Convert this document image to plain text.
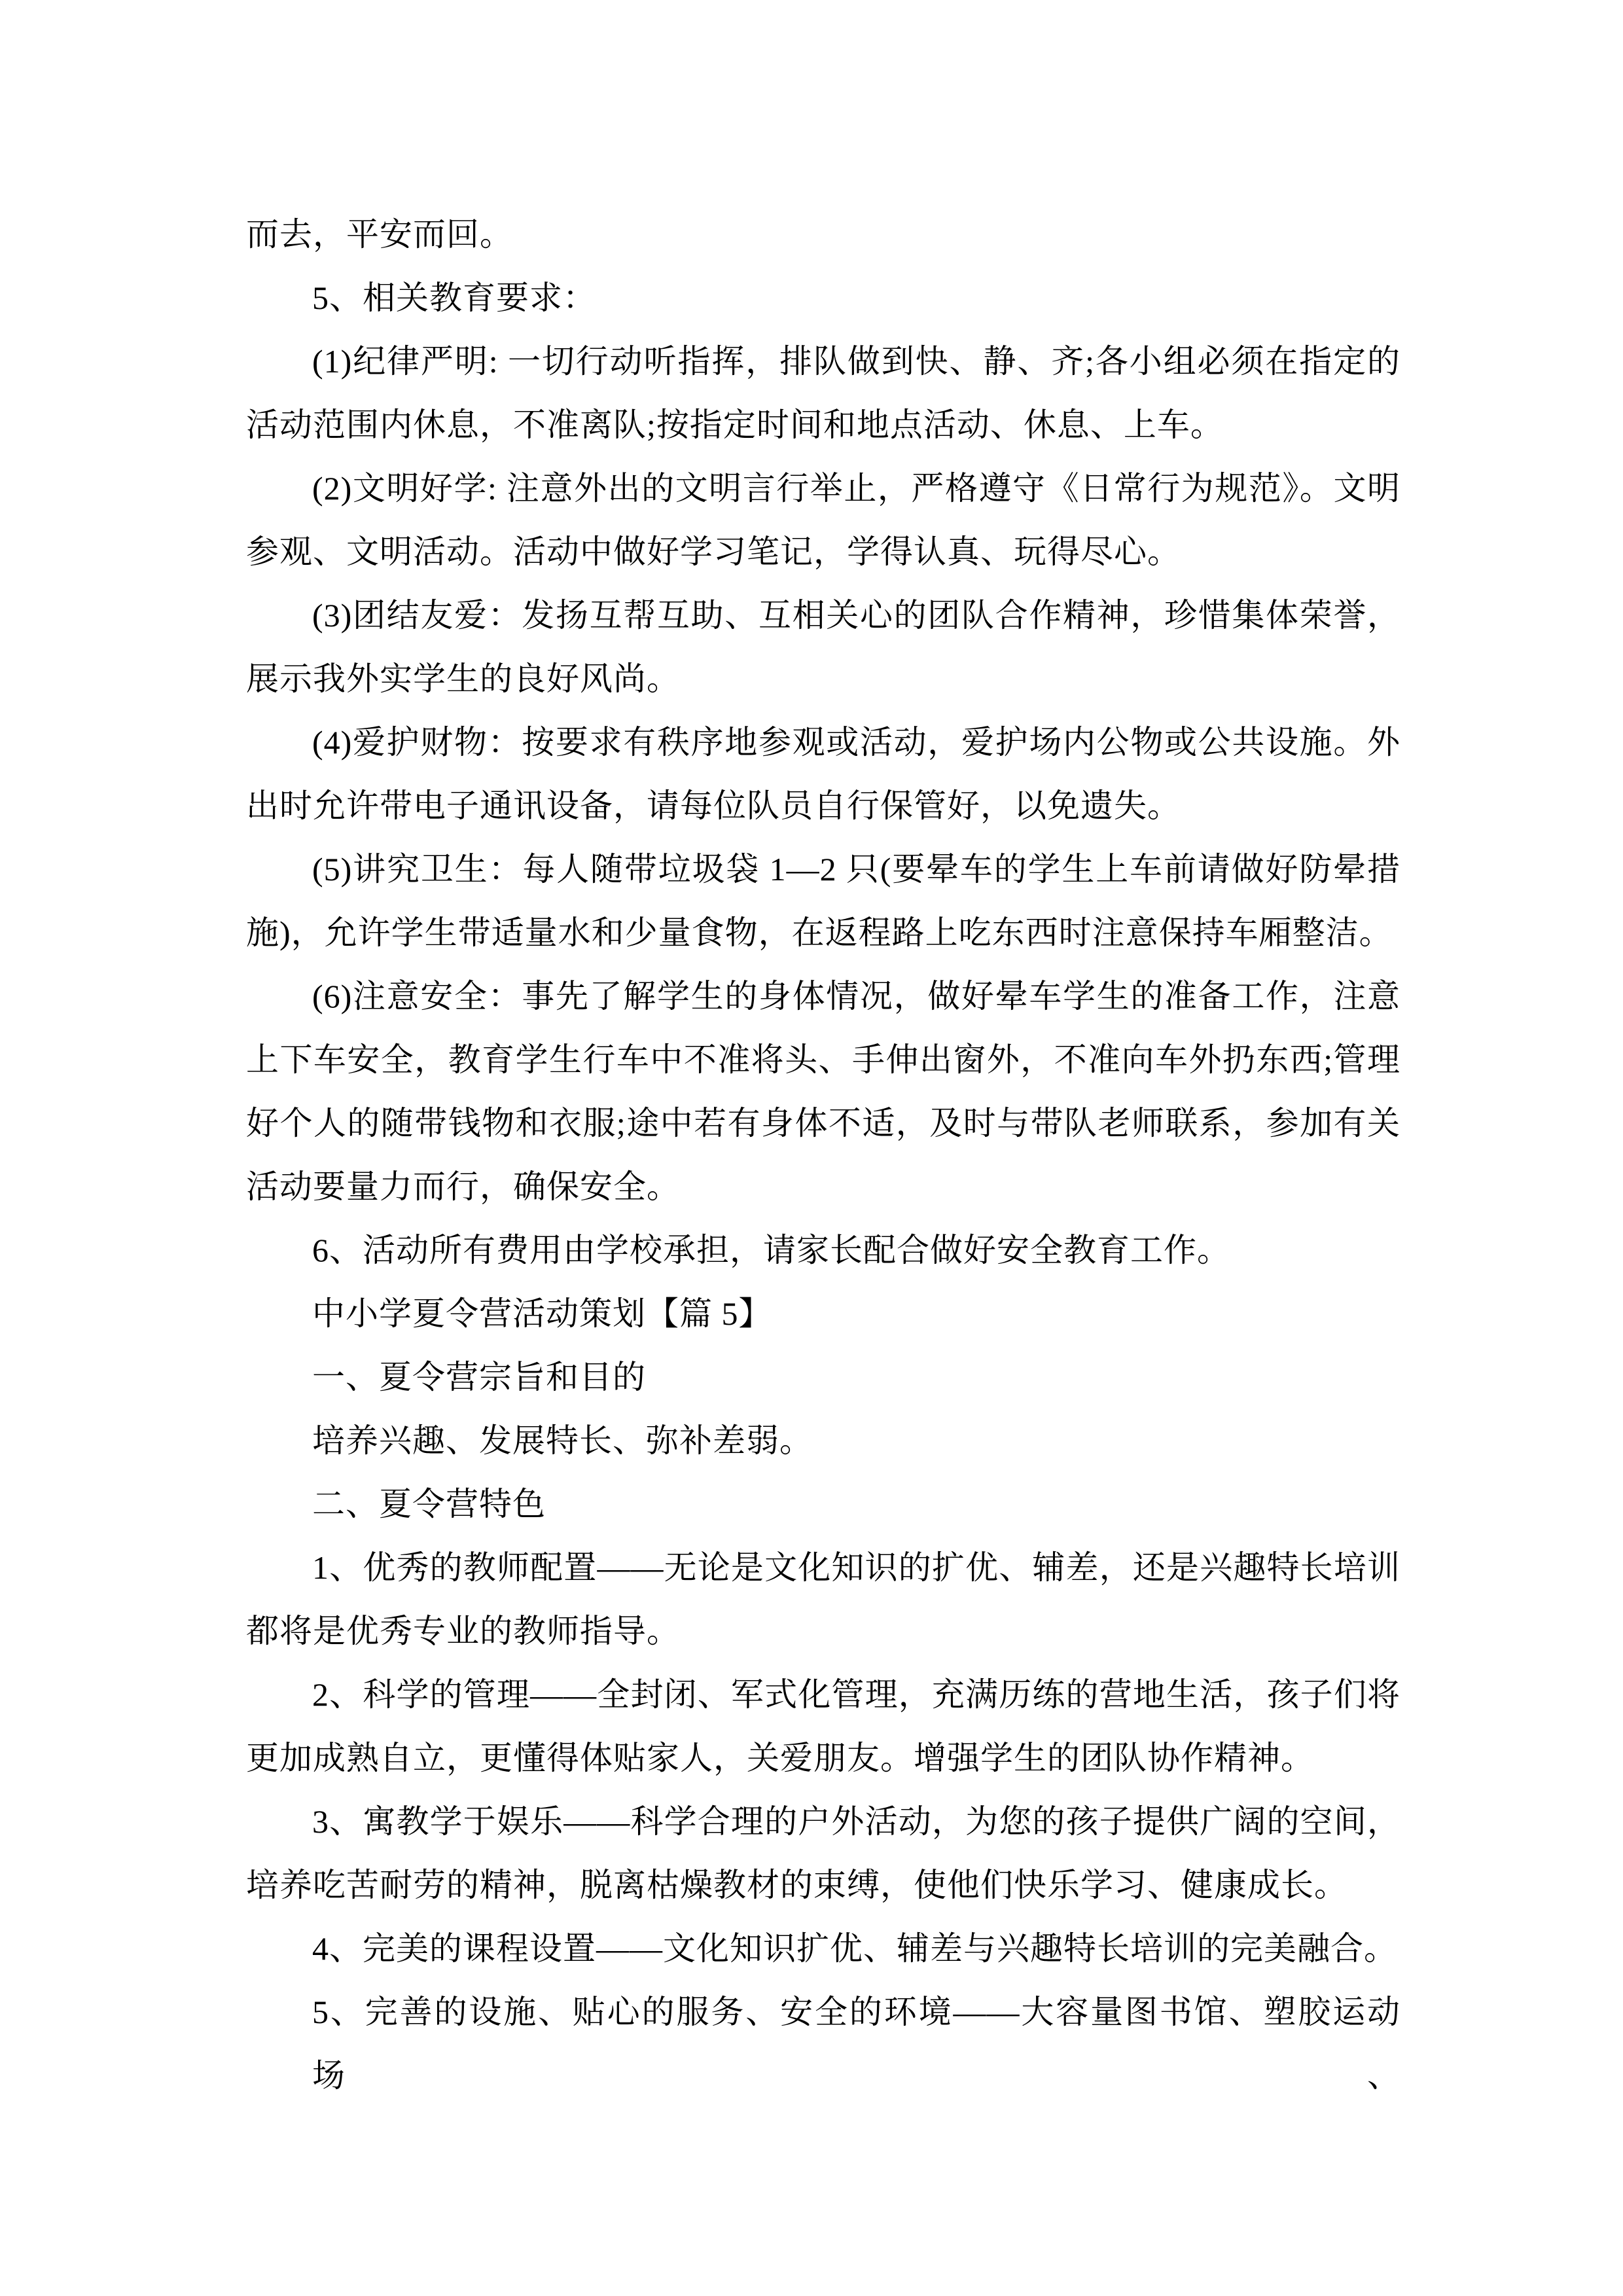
而去，平安而回。
5、相关教育要求：
(1)纪律严明: 一切行动听指挥，排队做到快、静、齐;各小组必须在指定的
活动范围内休息，不准离队;按指定时间和地点活动、休息、上车。
(2)文明好学: 注意外出的文明言行举止，严格遵守《日常行为规范》。文明
参观、文明活动。活动中做好学习笔记，学得认真、玩得尽心。
(3)团结友爱：发扬互帮互助、互相关心的团队合作精神，珍惜集体荣誉，
展示我外实学生的良好风尚。
(4)爱护财物：按要求有秩序地参观或活动，爱护场内公物或公共设施。外
出时允许带电子通讯设备，请每位队员自行保管好，以免遗失。
(5)讲究卫生：每人随带垃圾袋 1—2 只(要晕车的学生上车前请做好防晕措
施)，允许学生带适量水和少量食物，在返程路上吃东西时注意保持车厢整洁。
(6)注意安全：事先了解学生的身体情况，做好晕车学生的准备工作，注意
上下车安全，教育学生行车中不准将头、手伸出窗外，不准向车外扔东西;管理
好个人的随带钱物和衣服;途中若有身体不适，及时与带队老师联系，参加有关
活动要量力而行，确保安全。
6、活动所有费用由学校承担，请家长配合做好安全教育工作。
中小学夏令营活动策划【篇 5】
一、夏令营宗旨和目的
培养兴趣、发展特长、弥补差弱。
二、夏令营特色
1、优秀的教师配置——无论是文化知识的扩优、辅差，还是兴趣特长培训
都将是优秀专业的教师指导。
2、科学的管理——全封闭、军式化管理，充满历练的营地生活，孩子们将
更加成熟自立，更懂得体贴家人，关爱朋友。增强学生的团队协作精神。
3、寓教学于娱乐——科学合理的户外活动，为您的孩子提供广阔的空间，
培养吃苦耐劳的精神，脱离枯燥教材的束缚，使他们快乐学习、健康成长。
4、完美的课程设置——文化知识扩优、辅差与兴趣特长培训的完美融合。
5、完善的设施、贴心的服务、安全的环境——大容量图书馆、塑胶运动场、
